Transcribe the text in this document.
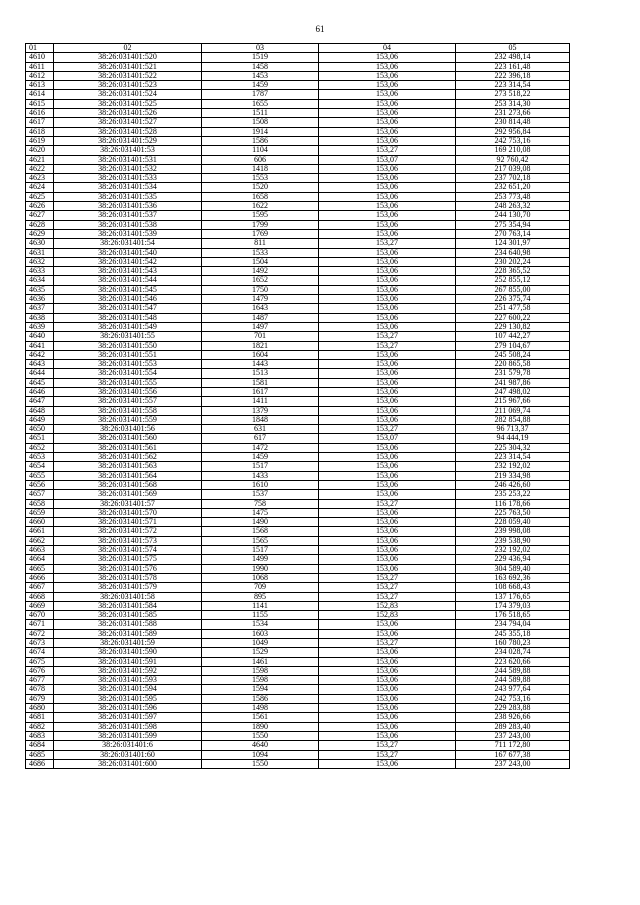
61
01	02	03	04	05
4610	38:26:031401:520	1519	153,06	232 498,14
4611	38:26:031401:521	1458	153,06	223 161,48
4612	38:26:031401:522	1453	153,06	222 396,18
4613	38:26:031401:523	1459	153,06	223 314,54
4614	38:26:031401:524	1787	153,06	273 518,22
4615	38:26:031401:525	1655	153,06	253 314,30
4616	38:26:031401:526	1511	153,06	231 273,66
4617	38:26:031401:527	1508	153,06	230 814,48
4618	38:26:031401:528	1914	153,06	292 956,84
4619	38:26:031401:529	1586	153,06	242 753,16
4620	38:26:031401:53	1104	153,27	169 210,08
4621	38:26:031401:531	606	153,07	92 760,42
4622	38:26:031401:532	1418	153,06	217 039,08
4623	38:26:031401:533	1553	153,06	237 702,18
4624	38:26:031401:534	1520	153,06	232 651,20
4625	38:26:031401:535	1658	153,06	253 773,48
4626	38:26:031401:536	1622	153,06	248 263,32
4627	38:26:031401:537	1595	153,06	244 130,70
4628	38:26:031401:538	1799	153,06	275 354,94
4629	38:26:031401:539	1769	153,06	270 763,14
4630	38:26:031401:54	811	153,27	124 301,97
4631	38:26:031401:540	1533	153,06	234 640,98
4632	38:26:031401:542	1504	153,06	230 202,24
4633	38:26:031401:543	1492	153,06	228 365,52
4634	38:26:031401:544	1652	153,06	252 855,12
4635	38:26:031401:545	1750	153,06	267 855,00
4636	38:26:031401:546	1479	153,06	226 375,74
4637	38:26:031401:547	1643	153,06	251 477,58
4638	38:26:031401:548	1487	153,06	227 600,22
4639	38:26:031401:549	1497	153,06	229 130,82
4640	38:26:031401:55	701	153,27	107 442,27
4641	38:26:031401:550	1821	153,27	279 104,67
4642	38:26:031401:551	1604	153,06	245 508,24
4643	38:26:031401:553	1443	153,06	220 865,58
4644	38:26:031401:554	1513	153,06	231 579,78
4645	38:26:031401:555	1581	153,06	241 987,86
4646	38:26:031401:556	1617	153,06	247 498,02
4647	38:26:031401:557	1411	153,06	215 967,66
4648	38:26:031401:558	1379	153,06	211 069,74
4649	38:26:031401:559	1848	153,06	282 854,88
4650	38:26:031401:56	631	153,27	96 713,37
4651	38:26:031401:560	617	153,07	94 444,19
4652	38:26:031401:561	1472	153,06	225 304,32
4653	38:26:031401:562	1459	153,06	223 314,54
4654	38:26:031401:563	1517	153,06	232 192,02
4655	38:26:031401:564	1433	153,06	219 334,98
4656	38:26:031401:568	1610	153,06	246 426,60
4657	38:26:031401:569	1537	153,06	235 253,22
4658	38:26:031401:57	758	153,27	116 178,66
4659	38:26:031401:570	1475	153,06	225 763,50
4660	38:26:031401:571	1490	153,06	228 059,40
4661	38:26:031401:572	1568	153,06	239 998,08
4662	38:26:031401:573	1565	153,06	239 538,90
4663	38:26:031401:574	1517	153,06	232 192,02
4664	38:26:031401:575	1499	153,06	229 436,94
4665	38:26:031401:576	1990	153,06	304 589,40
4666	38:26:031401:578	1068	153,27	163 692,36
4667	38:26:031401:579	709	153,27	108 668,43
4668	38:26:031401:58	895	153,27	137 176,65
4669	38:26:031401:584	1141	152,83	174 379,03
4670	38:26:031401:585	1155	152,83	176 518,65
4671	38:26:031401:588	1534	153,06	234 794,04
4672	38:26:031401:589	1603	153,06	245 355,18
4673	38:26:031401:59	1049	153,27	160 780,23
4674	38:26:031401:590	1529	153,06	234 028,74
4675	38:26:031401:591	1461	153,06	223 620,66
4676	38:26:031401:592	1598	153,06	244 589,88
4677	38:26:031401:593	1598	153,06	244 589,88
4678	38:26:031401:594	1594	153,06	243 977,64
4679	38:26:031401:595	1586	153,06	242 753,16
4680	38:26:031401:596	1498	153,06	229 283,88
4681	38:26:031401:597	1561	153,06	238 926,66
4682	38:26:031401:598	1890	153,06	289 283,40
4683	38:26:031401:599	1550	153,06	237 243,00
4684	38:26:031401:6	4640	153,27	711 172,80
4685	38:26:031401:60	1094	153,27	167 677,38
4686	38:26:031401:600	1550	153,06	237 243,00
